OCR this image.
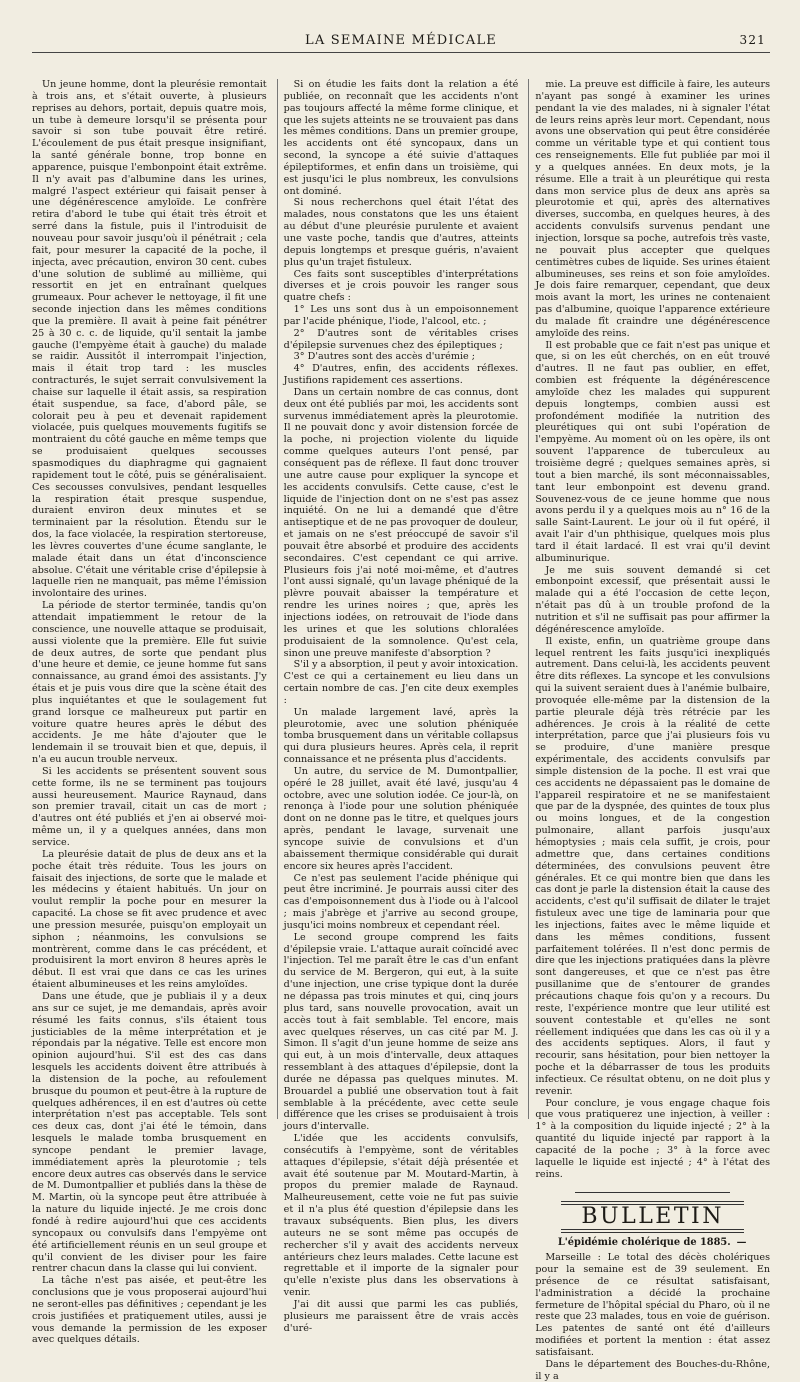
LA SEMAINE MÉDICALE	321

Un jeune homme, dont la pleurésie remontait à trois ans, et s'était ouverte, à plusieurs reprises au dehors, portait, depuis quatre mois, un tube à demeure lorsqu'il se présenta pour savoir si son tube pouvait être retiré. L'écoulement de pus était presque insignifiant, la santé générale bonne, trop bonne en apparence, puisque l'embonpoint était extrême. Il n'y avait pas d'albumine dans les urines, malgré l'aspect extérieur qui faisait penser à une dégénérescence amyloïde. Le confrère retira d'abord le tube qui était très étroit et serré dans la fistule, puis il l'introduisit de nouveau pour savoir jusqu'où il pénétrait ; cela fait, pour mesurer la capacité de la poche, il injecta, avec précaution, environ 30 cent. cubes d'une solution de sublimé au millième, qui ressortit en jet en entraînant quelques grumeaux. Pour achever le nettoyage, il fit une seconde injection dans les mêmes conditions que la première. Il avait à peine fait pénétrer 25 à 30 c. c. de liquide, qu'il sentait la jambe gauche (l'empyème était à gauche) du malade se raidir. Aussitôt il interrompait l'injection, mais il était trop tard : les muscles contracturés, le sujet serrait convulsivement la chaise sur laquelle il était assis, sa respiration était suspendue, sa face, d'abord pâle, se colorait peu à peu et devenait rapidement violacée, puis quelques mouvements fugitifs se montraient du côté gauche en même temps que se produisaient quelques secousses spasmodiques du diaphragme qui gagnaient rapidement tout le côté, puis se généralisaient. Ces secousses convulsives, pendant lesquelles la respiration était presque suspendue, duraient environ deux minutes et se terminaient par la résolution. Étendu sur le dos, la face violacée, la respiration stertoreuse, les lèvres couvertes d'une écume sanglante, le malade était dans un état d'inconscience absolue. C'était une véritable crise d'épilepsie à laquelle rien ne manquait, pas même l'émission involontaire des urines.

La période de stertor terminée, tandis qu'on attendait impatiemment le retour de la conscience, une nouvelle attaque se produisait, aussi violente que la première. Elle fut suivie de deux autres, de sorte que pendant plus d'une heure et demie, ce jeune homme fut sans connaissance, au grand émoi des assistants. J'y étais et je puis vous dire que la scène était des plus inquiétantes et que le soulagement fut grand lorsque ce malheureux put partir en voiture quatre heures après le début des accidents. Je me hâte d'ajouter que le lendemain il se trouvait bien et que, depuis, il n'a eu aucun trouble nerveux.

Si les accidents se présentent souvent sous cette forme, ils ne se terminent pas toujours aussi heureusement. Maurice Raynaud, dans son premier travail, citait un cas de mort ; d'autres ont été publiés et j'en ai observé moi-même un, il y a quelques années, dans mon service.

La pleurésie datait de plus de deux ans et la poche était très réduite. Tous les jours on faisait des injections, de sorte que le malade et les médecins y étaient habitués. Un jour on voulut remplir la poche pour en mesurer la capacité. La chose se fit avec prudence et avec une pression mesurée, puisqu'on employait un siphon ; néanmoins, les convulsions se montrèrent, comme dans le cas précédent, et produisirent la mort environ 8 heures après le début. Il est vrai que dans ce cas les urines étaient albumineuses et les reins amyloïdes.

Dans une étude, que je publiais il y a deux ans sur ce sujet, je me demandais, après avoir résumé les faits connus, s'ils étaient tous justiciables de la même interprétation et je répondais par la négative. Telle est encore mon opinion aujourd'hui. S'il est des cas dans lesquels les accidents doivent être attribués à la distension de la poche, au refoulement brusque du poumon et peut-être à la rupture de quelques adhérences, il en est d'autres où cette interprétation n'est pas acceptable. Tels sont ces deux cas, dont j'ai été le témoin, dans lesquels le malade tomba brusquement en syncope pendant le premier lavage, immédiatement après la pleurotomie ; tels encore deux autres cas observés dans le service de M. Dumontpallier et publiés dans la thèse de M. Martin, où la syncope peut être attribuée à la nature du liquide injecté. Je me crois donc fondé à redire aujourd'hui que ces accidents syncopaux ou convulsifs dans l'empyème ont été artificiellement réunis en un seul groupe et qu'il convient de les diviser pour les faire rentrer chacun dans la classe qui lui convient.

La tâche n'est pas aisée, et peut-être les conclusions que je vous proposerai aujourd'hui ne seront-elles pas définitives ; cependant je les crois justifiées et pratiquement utiles, aussi je vous demande la permission de les exposer avec quelques détails.

Si on étudie les faits dont la relation a été publiée, on reconnaît que les accidents n'ont pas toujours affecté la même forme clinique, et que les sujets atteints ne se trouvaient pas dans les mêmes conditions. Dans un premier groupe, les accidents ont été syncopaux, dans un second, la syncope a été suivie d'attaques épileptiformes, et enfin dans un troisième, qui est jusqu'ici le plus nombreux, les convulsions ont dominé.

Si nous recherchons quel était l'état des malades, nous constatons que les uns étaient au début d'une pleurésie purulente et avaient une vaste poche, tandis que d'autres, atteints depuis longtemps et presque guéris, n'avaient plus qu'un trajet fistuleux.

Ces faits sont susceptibles d'interprétations diverses et je crois pouvoir les ranger sous quatre chefs :

1° Les uns sont dus à un empoisonnement par l'acide phénique, l'iode, l'alcool, etc. ;

2° D'autres sont de véritables crises d'épilepsie survenues chez des épileptiques ;

3° D'autres sont des accès d'urémie ;

4° D'autres, enfin, des accidents réflexes. Justifions rapidement ces assertions.

Dans un certain nombre de cas connus, dont deux ont été publiés par moi, les accidents sont survenus immédiatement après la pleurotomie. Il ne pouvait donc y avoir distension forcée de la poche, ni projection violente du liquide comme quelques auteurs l'ont pensé, par conséquent pas de réflexe. Il faut donc trouver une autre cause pour expliquer la syncope et les accidents convulsifs. Cette cause, c'est le liquide de l'injection dont on ne s'est pas assez inquiété. On ne lui a demandé que d'être antiseptique et de ne pas provoquer de douleur, et jamais on ne s'est préoccupé de savoir s'il pouvait être absorbé et produire des accidents secondaires. C'est cependant ce qui arrive. Plusieurs fois j'ai noté moi-même, et d'autres l'ont aussi signalé, qu'un lavage phéniqué de la plèvre pouvait abaisser la température et rendre les urines noires ; que, après les injections iodées, on retrouvait de l'iode dans les urines et que les solutions chloralées produisaient de la somnolence. Qu'est cela, sinon une preuve manifeste d'absorption ?

S'il y a absorption, il peut y avoir intoxication. C'est ce qui a certainement eu lieu dans un certain nombre de cas. J'en cite deux exemples :

Un malade largement lavé, après la pleurotomie, avec une solution phéniquée tomba brusquement dans un véritable collapsus qui dura plusieurs heures. Après cela, il reprit connaissance et ne présenta plus d'accidents.

Un autre, du service de M. Dumontpallier, opéré le 28 juillet, avait été lavé, jusqu'au 4 octobre, avec une solution iodée. Ce jour-là, on renonça à l'iode pour une solution phéniquée dont on ne donne pas le titre, et quelques jours après, pendant le lavage, survenait une syncope suivie de convulsions et d'un abaissement thermique considérable qui durait encore six heures après l'accident.

Ce n'est pas seulement l'acide phénique qui peut être incriminé. Je pourrais aussi citer des cas d'empoisonnement dus à l'iode ou à l'alcool ; mais j'abrège et j'arrive au second groupe, jusqu'ici moins nombreux et cependant réel.

Le second groupe comprend les faits d'épilepsie vraie. L'attaque aurait coïncidé avec l'injection. Tel me paraît être le cas d'un enfant du service de M. Bergeron, qui eut, à la suite d'une injection, une crise typique dont la durée ne dépassa pas trois minutes et qui, cinq jours plus tard, sans nouvelle provocation, avait un accès tout à fait semblable. Tel encore, mais avec quelques réserves, un cas cité par M. J. Simon. Il s'agit d'un jeune homme de seize ans qui eut, à un mois d'intervalle, deux attaques ressemblant à des attaques d'épilepsie, dont la durée ne dépassa pas quelques minutes. M. Brouardel a publié une observation tout à fait semblable à la précédente, avec cette seule différence que les crises se produisaient à trois jours d'intervalle.

L'idée que les accidents convulsifs, consécutifs à l'empyème, sont de véritables attaques d'épilepsie, s'était déjà présentée et avait été soutenue par M. Moutard-Martin, à propos du premier malade de Raynaud. Malheureusement, cette voie ne fut pas suivie et il n'a plus été question d'épilepsie dans les travaux subséquents. Bien plus, les divers auteurs ne se sont même pas occupés de rechercher s'il y avait des accidents nerveux antérieurs chez leurs malades. Cette lacune est regrettable et il importe de la signaler pour qu'elle n'existe plus dans les observations à venir.

J'ai dit aussi que parmi les cas publiés, plusieurs me paraissent être de vrais accès d'uré-

mie. La preuve est difficile à faire, les auteurs n'ayant pas songé à examiner les urines pendant la vie des malades, ni à signaler l'état de leurs reins après leur mort. Cependant, nous avons une observation qui peut être considérée comme un véritable type et qui contient tous ces renseignements. Elle fut publiée par moi il y a quelques années. En deux mots, je la résume. Elle a trait à un pleurétique qui resta dans mon service plus de deux ans après sa pleurotomie et qui, après des alternatives diverses, succomba, en quelques heures, à des accidents convulsifs survenus pendant une injection, lorsque sa poche, autrefois très vaste, ne pouvait plus accepter que quelques centimètres cubes de liquide. Ses urines étaient albumineuses, ses reins et son foie amyloïdes. Je dois faire remarquer, cependant, que deux mois avant la mort, les urines ne contenaient pas d'albumine, quoique l'apparence extérieure du malade fît craindre une dégénérescence amyloïde des reins.

Il est probable que ce fait n'est pas unique et que, si on les eût cherchés, on en eût trouvé d'autres. Il ne faut pas oublier, en effet, combien est fréquente la dégénérescence amyloïde chez les malades qui suppurent depuis longtemps, combien aussi est profondément modifiée la nutrition des pleurétiques qui ont subi l'opération de l'empyème. Au moment où on les opère, ils ont souvent l'apparence de tuberculeux au troisième degré ; quelques semaines après, si tout a bien marché, ils sont méconnaissables, tant leur embonpoint est devenu grand. Souvenez-vous de ce jeune homme que nous avons perdu il y a quelques mois au n° 16 de la salle Saint-Laurent. Le jour où il fut opéré, il avait l'air d'un phthisique, quelques mois plus tard il était lardacé. Il est vrai qu'il devint albuminurique.

Je me suis souvent demandé si cet embonpoint excessif, que présentait aussi le malade qui a été l'occasion de cette leçon, n'était pas dû à un trouble profond de la nutrition et s'il ne suffisait pas pour affirmer la dégénérescence amyloïde.

Il existe, enfin, un quatrième groupe dans lequel rentrent les faits jusqu'ici inexpliqués autrement. Dans celui-là, les accidents peuvent être dits réflexes. La syncope et les convulsions qui la suivent seraient dues à l'anémie bulbaire, provoquée elle-même par la distension de la partie pleurale déjà très rétrécie par les adhérences. Je crois à la réalité de cette interprétation, parce que j'ai plusieurs fois vu se produire, d'une manière presque expérimentale, des accidents convulsifs par simple distension de la poche. Il est vrai que ces accidents ne dépassaient pas le domaine de l'appareil respiratoire et ne se manifestaient que par de la dyspnée, des quintes de toux plus ou moins longues, et de la congestion pulmonaire, allant parfois jusqu'aux hémoptysies ; mais cela suffit, je crois, pour admettre que, dans certaines conditions déterminées, des convulsions peuvent être générales. Et ce qui montre bien que dans les cas dont je parle la distension était la cause des accidents, c'est qu'il suffisait de dilater le trajet fistuleux avec une tige de laminaria pour que les injections, faites avec le même liquide et dans les mêmes conditions, fussent parfaitement tolérées. Il n'est donc permis de dire que les injections pratiquées dans la plèvre sont dangereuses, et que ce n'est pas être pusillanime que de s'entourer de grandes précautions chaque fois qu'on y a recours. Du reste, l'expérience montre que leur utilité est souvent contestable et qu'elles ne sont réellement indiquées que dans les cas où il y a des accidents septiques. Alors, il faut y recourir, sans hésitation, pour bien nettoyer la poche et la débarrasser de tous les produits infectieux. Ce résultat obtenu, on ne doit plus y revenir.

Pour conclure, je vous engage chaque fois que vous pratiquerez une injection, à veiller : 1° à la composition du liquide injecté ; 2° à la quantité du liquide injecté par rapport à la capacité de la poche ; 3° à la force avec laquelle le liquide est injecté ; 4° à l'état des reins.

BULLETIN
L'épidémie cholérique de 1885. —

Marseille : Le total des décès cholériques pour la semaine est de 39 seulement. En présence de ce résultat satisfaisant, l'administration a décidé la prochaine fermeture de l'hôpital spécial du Pharo, où il ne reste que 23 malades, tous en voie de guérison. Les patentes de santé ont été d'ailleurs modifiées et portent la mention : état assez satisfaisant.

Dans le département des Bouches-du-Rhône, il y a
